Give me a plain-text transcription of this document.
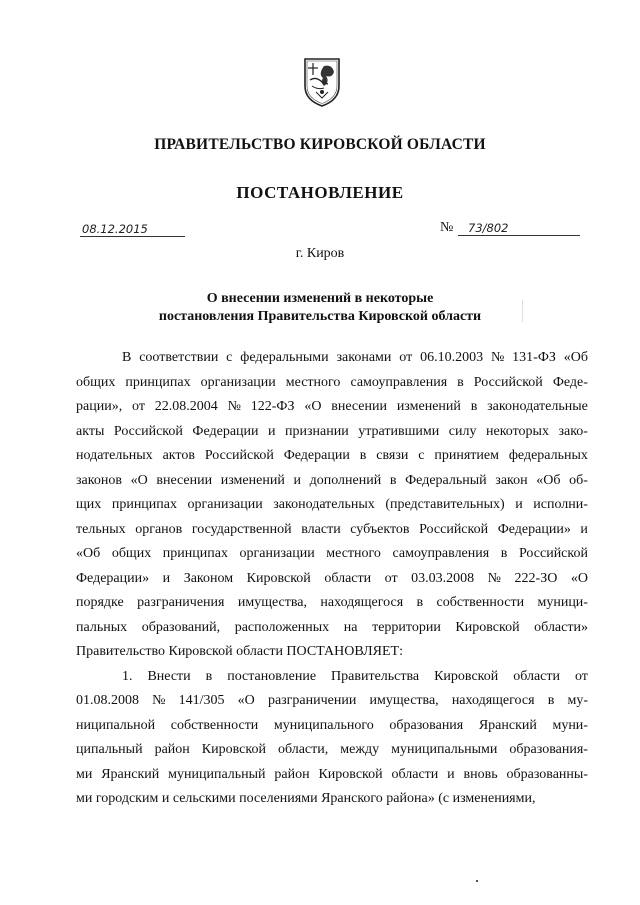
ПРАВИТЕЛЬСТВО КИРОВСКОЙ ОБЛАСТИ
ПОСТАНОВЛЕНИЕ
08.12.2015	№ 73/802
г. Киров
О внесении изменений в некоторые
постановления Правительства Кировской области
В соответствии с федеральными законами от 06.10.2003 № 131-ФЗ «Об
общих принципах организации местного самоуправления в Российской Феде-
рации», от 22.08.2004 № 122-ФЗ «О внесении изменений в законодательные
акты Российской Федерации и признании утратившими силу некоторых зако-
нодательных актов Российской Федерации в связи с принятием федеральных
законов «О внесении изменений и дополнений в Федеральный закон «Об об-
щих принципах организации законодательных (представительных) и исполни-
тельных органов государственной власти субъектов Российской Федерации» и
«Об общих принципах организации местного самоуправления в Российской
Федерации» и Законом Кировской области от 03.03.2008 № 222-ЗО «О
порядке разграничения имущества, находящегося в собственности муници-
пальных образований, расположенных на территории Кировской области»
Правительство Кировской области ПОСТАНОВЛЯЕТ:
1. Внести в постановление Правительства Кировской области от
01.08.2008 № 141/305 «О разграничении имущества, находящегося в му-
ниципальной собственности муниципального образования Яранский муни-
ципальный район Кировской области, между муниципальными образования-
ми Яранский муниципальный район Кировской области и вновь образованны-
ми городским и сельскими поселениями Яранского района» (с изменениями,
